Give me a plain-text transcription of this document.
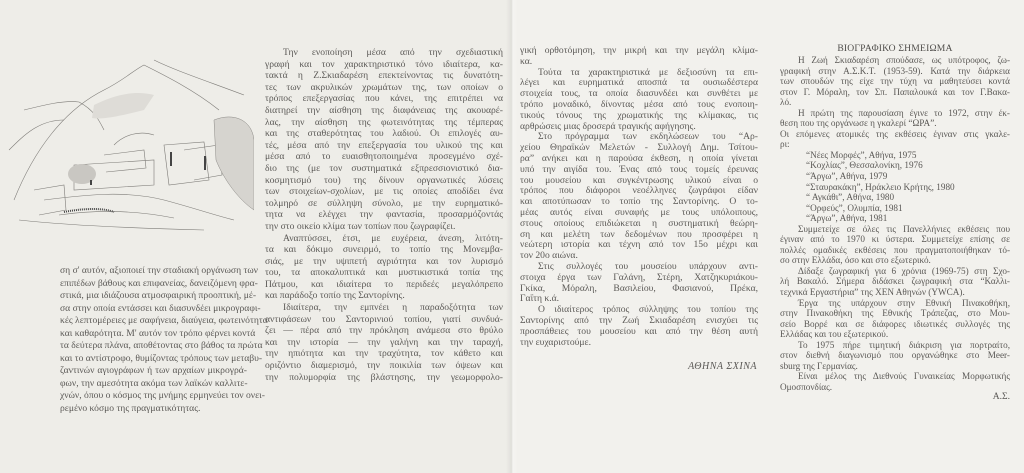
ση σ' αυτόν, αξιοποιεί την σταδιακή οργάνωση των
επιπέδων βάθους και επιφανείας, δανειζόμενη φρα-
στικά, μια ιδιάζουσα ατμοσφαιρική προοπτική, μέ-
σα στην οποία εντάσσει και διασυνδέει μικρογραφι-
κές λεπτομέρειες με σαφήνεια, διαύγεια, φωτεινότητα
και καθαρότητα. Μ' αυτόν τον τρόπο φέρνει κοντά
τα δεύτερα πλάνα, αποθέτοντας στο βάθος τα πρώτα
και το αντίστροφο, θυμίζοντας τρόπους των μεταβυ-
ζαντινών αγιογράφων ή των αρχαίων μικρογρά-
φων, την αμεσότητα ακόμα των λαϊκών καλλιτε-
χνών, όπου ο κόσμος της μνήμης ερμηνεύει τον ονει-
ρεμένο κόσμο της πραγματικότητας.
Την ενοποίηση μέσα από την σχεδιαστική
γραφή και τον χαρακτηριστικό τόνο ιδιαίτερα, κα-
τακτά η Ζ.Σκιαδαρέση επεκτείνοντας τις δυνατότη-
τες των ακρυλικών χρωμάτων της, των οποίων ο
τρόπος επεξεργασίας που κάνει, της επιτρέπει να
διατηρεί την αίσθηση της διαφάνειας της ακουαρέ-
λας, την αίσθηση της φωτεινότητας της τέμπερας
και της σταθερότητας του λαδιού. Οι επιλογές αυ-
τές, μέσα από την επεξεργασία του υλικού της και
μέσα από το ευαισθητοποιημένα προσεγμένο σχέ-
διο της (με τον συστηματικά εξπρεσσιονιστικό δια-
κοσμητισμό του) της δίνουν οργανωτικές λύσεις
των στοιχείων-σχολίων, με τις οποίες αποδίδει ένα
τολμηρό σε σύλληψη σύνολο, με την ευρηματικό-
τητα να ελέγχει την φαντασία, προσαρμόζοντάς
την στο οικείο κλίμα των τοπίων που ζωγραφίζει.
Αναπτύσσει, έτσι, με ευχέρεια, άνεση, λιτότη-
τα και δόκιμο συνειρμό, το τοπίο της Μονεμβα-
σιάς, με την υψιπετή αγριότητα και τον λυρισμό
του, τα αποκαλυπτικά και μυστικιστικά τοπία της
Πάτμου, και ιδιαίτερα το περιδεές μεγαλόπρεπο
και παράδοξο τοπίο της Σαντορίνης.
Ιδιαίτερα, την εμπνέει η παραδοξότητα των
αντιφάσεων του Σαντορινιού τοπίου, γιατί συνδυά-
ζει — πέρα από την πρόκληση ανάμεσα στο θρύλο
και την ιστορία — την γαλήνη και την ταραχή,
την ηπιότητα και την τραχύτητα, τον κάθετο και
οριζόντιο διαμερισμό, την ποικιλία των όψεων και
την πολυμορφία της βλάστησης, την γεωμορφολο-
γική ορθοτόμηση, την μικρή και την μεγάλη κλίμα-
κα.
Τούτα τα χαρακτηριστικά με δεξιοσύνη τα επι-
λέγει και ευρηματικά αποσπά τα ουσιωδέστερα
στοιχεία τους, τα οποία διασυνδέει και συνθέτει με
τρόπο μοναδικό, δίνοντας μέσα από τους ενοποιη-
τικούς τόνους της χρωματικής της κλίμακας, τις
αρθρώσεις μιας δροσερά τραγικής αφήγησης.
Στο πρόγραμμα των εκδηλώσεων του “Αρ-
χείου Θηραϊκών Μελετών - Συλλογή Δημ. Τσίτου-
ρα” ανήκει και η παρούσα έκθεση, η οποία γίνεται
υπό την αιγίδα του. Ένας από τους τομείς έρευνας
του μουσείου και συγκέντρωσης υλικού είναι ο
τρόπος που διάφοροι νεοέλληνες ζωγράφοι είδαν
και αποτύπωσαν το τοπίο της Σαντορίνης. Ο το-
μέας αυτός είναι συναφής με τους υπόλοιπους,
στους οποίους επιδιώκεται η συστηματική θεώρη-
ση και μελέτη των δεδομένων που προσφέρει η
νεώτερη ιστορία και τέχνη από τον 15ο μέχρι και
τον 20ο αιώνα.
Στις συλλογές του μουσείου υπάρχουν αντι-
στοιχα έργα των Γαλάνη, Στέρη, Χατζηκυριάκου-
Γκίκα, Μόραλη, Βασιλείου, Φασιανού, Πρέκα,
Γαΐτη κ.ά.
Ο ιδιαίτερος τρόπος σύλληψης του τοπίου της
Σαντορίνης από την Ζωή Σκιαδαρέση ενισχύει τις
προσπάθειες του μουσείου και από την θέση αυτή
την ευχαριστούμε.
ΑΘΗΝΑ ΣΧΙΝΑ
ΒΙΟΓΡΑΦΙΚΟ ΣΗΜΕΙΩΜΑ
Η Ζωή Σκιαδαρέση σπούδασε, ως υπότροφος, ζω-
γραφική στην Α.Σ.Κ.Τ. (1953-59). Κατά την διάρκεια
των σπουδών της είχε την τύχη να μαθητεύσει κοντά
στον Γ. Μόραλη, τον Σπ. Παπαλουκά και τον Γ.Βακα-
λό.
Η πρώτη της παρουσίαση έγινε το 1972, στην έκ-
θεση που της οργάνωσε η γκαλερί “ΩΡΑ”.
Οι επόμενες ατομικές της εκθέσεις έγιναν στις γκαλε-
ρι:
“Νέες Μορφές”, Αθήνα, 1975
“Κοχλίας”, Θεσσαλονίκη, 1976
“Άργω”, Αθήνα, 1979
“Σταυρακάκη”, Ηράκλειο Κρήτης, 1980
“ Αγκάθι”, Αθήνα, 1980
“Ορφεύς”, Ολυμπία, 1981
“Άργω”, Αθήνα, 1981
Συμμετείχε σε όλες τις Πανελλήνιες εκθέσεις που
έγιναν από το 1970 κι ύστερα. Συμμετείχε επίσης σε
πολλές ομαδικές εκθέσεις που πραγματοποιήθηκαν τό-
σο στην Ελλάδα, όσο και στο εξωτερικό.
Δίδαξε ζωγραφική για 6 χρόνια (1969-75) στη Σχο-
λή Βακαλό. Σήμερα διδάσκει ζωγραφική στα “Καλλι-
τεχνικά Εργαστήρια” της ΧΕΝ Αθηνών (YWCA).
Έργα της υπάρχουν στην Εθνική Πινακοθήκη,
στην Πινακοθήκη της Εθνικής Τράπεζας, στο Μου-
σείο Βορρέ και σε διάφορες ιδιωτικές συλλογές της
Ελλάδας και του εξωτερικού.
Το 1975 πήρε τιμητική διάκριση για πορτραίτο,
στον διεθνή διαγωνισμό που οργανώθηκε στο Meer-
sburg της Γερμανίας.
Είναι μέλος της Διεθνούς Γυναικείας Μορφωτικής
Ομοσπονδίας.
Α.Σ.
